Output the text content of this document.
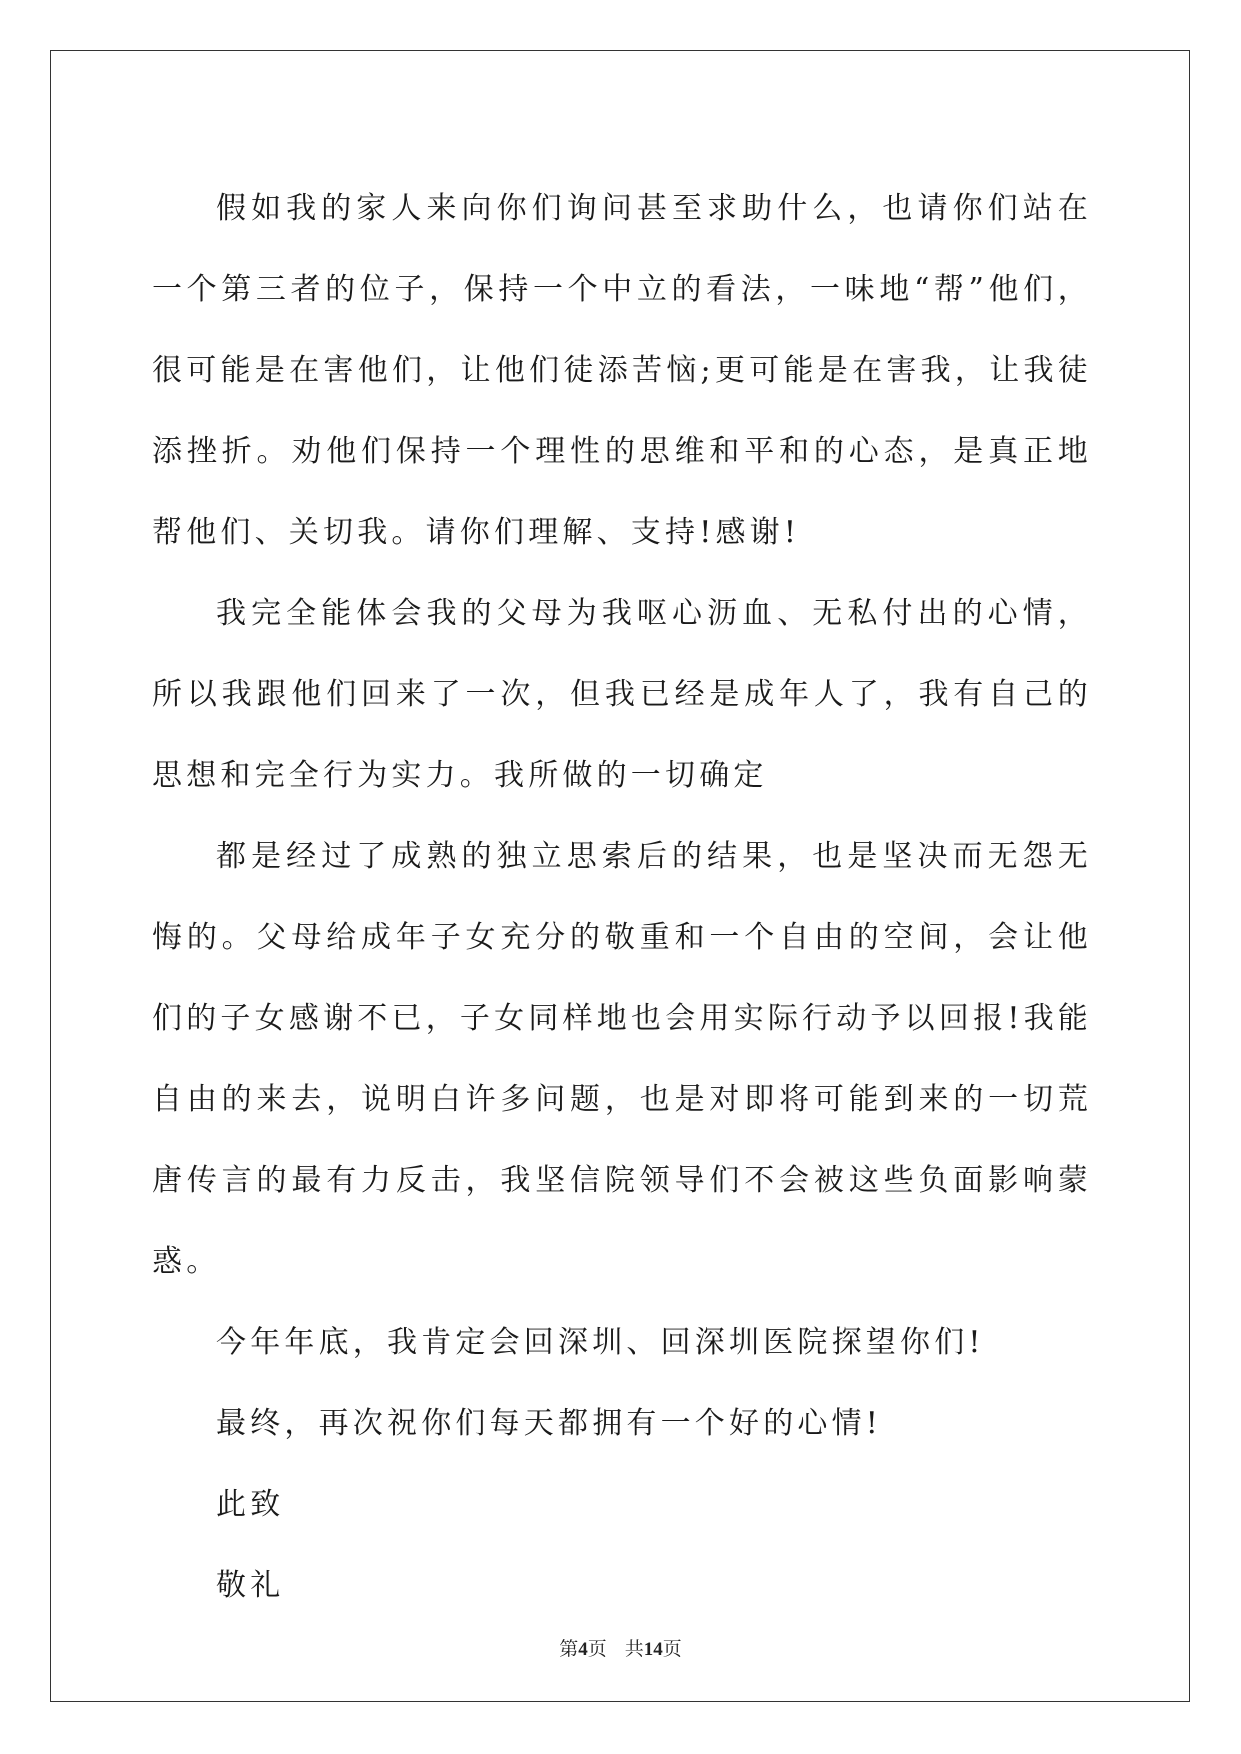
假如我的家人来向你们询问甚至求助什么，也请你们站在一个第三者的位子，保持一个中立的看法，一味地“帮”他们，很可能是在害他们，让他们徒添苦恼;更可能是在害我，让我徒添挫折。劝他们保持一个理性的思维和平和的心态，是真正地帮他们、关切我。请你们理解、支持!感谢!

我完全能体会我的父母为我呕心沥血、无私付出的心情，所以我跟他们回来了一次，但我已经是成年人了，我有自己的思想和完全行为实力。我所做的一切确定

都是经过了成熟的独立思索后的结果，也是坚决而无怨无悔的。父母给成年子女充分的敬重和一个自由的空间，会让他们的子女感谢不已，子女同样地也会用实际行动予以回报!我能自由的来去，说明白许多问题，也是对即将可能到来的一切荒唐传言的最有力反击，我坚信院领导们不会被这些负面影响蒙惑。

今年年底，我肯定会回深圳、回深圳医院探望你们!

最终，再次祝你们每天都拥有一个好的心情!

此致

敬礼

第4页 共14页
